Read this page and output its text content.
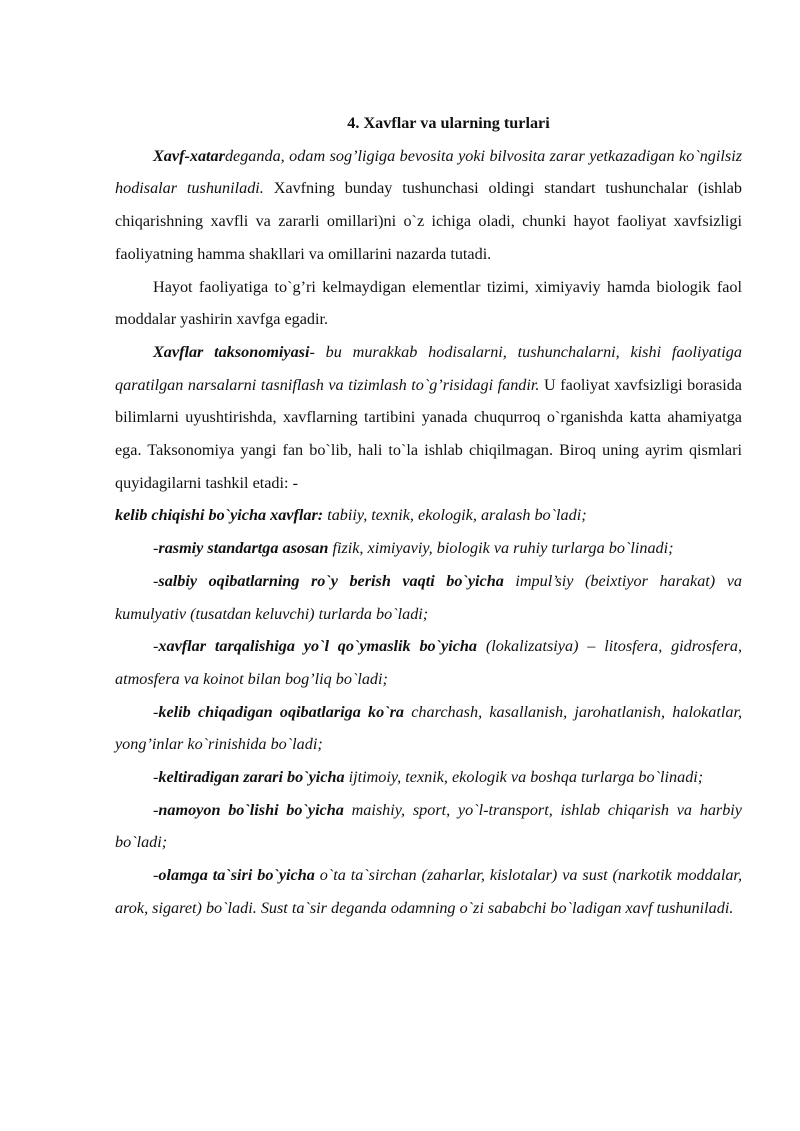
4. Xavflar va ularning turlari

Xavf-xatardeganda, odam sog’ligiga bevosita yoki bilvosita zarar yetkazadigan ko`ngilsiz hodisalar tushuniladi. Xavfning bunday tushunchasi oldingi standart tushunchalar (ishlab chiqarishning xavfli va zararli omillari)ni o`z ichiga oladi, chunki hayot faoliyat xavfsizligi faoliyatning hamma shakllari va omillarini nazarda tutadi.

Hayot faoliyatiga to`g’ri kelmaydigan elementlar tizimi, ximiyaviy hamda biologik faol moddalar yashirin xavfga egadir.

Xavflar taksonomiyasi- bu murakkab hodisalarni, tushunchalarni, kishi faoliyatiga qaratilgan narsalarni tasniflash va tizimlash to`g’risidagi fandir. U faoliyat xavfsizligi borasida bilimlarni uyushtirishda, xavflarning tartibini yanada chuqurroq o`rganishda katta ahamiyatga ega. Taksonomiya yangi fan bo`lib, hali to`la ishlab chiqilmagan. Biroq uning ayrim qismlari quyidagilarni tashkil etadi: -
kelib chiqishi bo`yicha xavflar: tabiiy, texnik, ekologik, aralash bo`ladi;

-rasmiy standartga asosan fizik, ximiyaviy, biologik va ruhiy turlarga bo`linadi;

-salbiy oqibatlarning ro`y berish vaqti bo`yicha impul’siy (beixtiyor harakat) va kumulyativ (tusatdan keluvchi) turlarda bo`ladi;

-xavflar tarqalishiga yo`l qo`ymaslik bo`yicha (lokalizatsiya) – litosfera, gidrosfera, atmosfera va koinot bilan bog’liq bo`ladi;

-kelib chiqadigan oqibatlariga ko`ra charchash, kasallanish, jarohatlanish, halokatlar, yong’inlar ko`rinishida bo`ladi;

-keltiradigan zarari bo`yicha ijtimoiy, texnik, ekologik va boshqa turlarga bo`linadi;

-namoyon bo`lishi bo`yicha maishiy, sport, yo`l-transport, ishlab chiqarish va harbiy bo`ladi;

-olamga ta`siri bo`yicha o`ta ta`sirchan (zaharlar, kislotalar) va sust (narkotik moddalar, arok, sigaret) bo`ladi. Sust ta`sir deganda odamning o`zi sababchi bo`ladigan xavf tushuniladi.
